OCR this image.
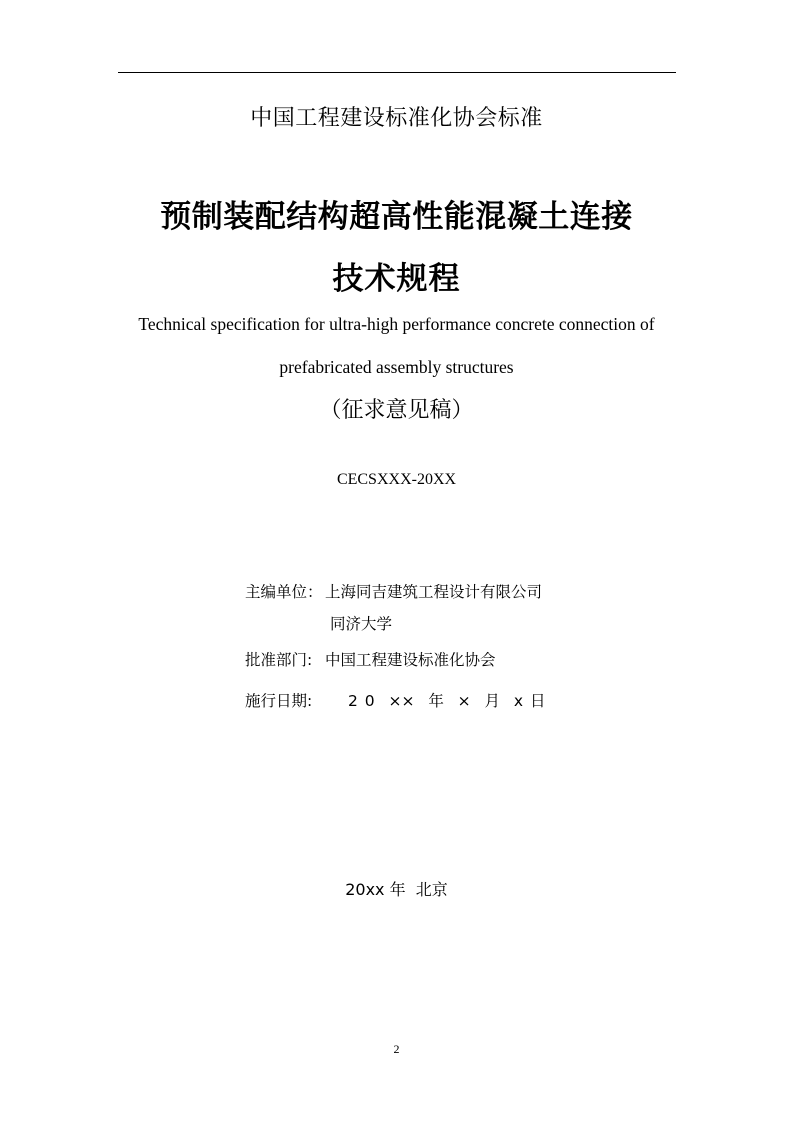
中国工程建设标准化协会标准
预制装配结构超高性能混凝土连接
技术规程
Technical specification for ultra-high performance concrete connection of
prefabricated assembly structures
（征求意见稿）
CECSXXX-20XX
主编单位： 上海同吉建筑工程设计有限公司
同济大学
批准部门: 中国工程建设标准化协会
施行日期: 2 0  ××  年  ×  月  x 日
20xx 年  北京
2
